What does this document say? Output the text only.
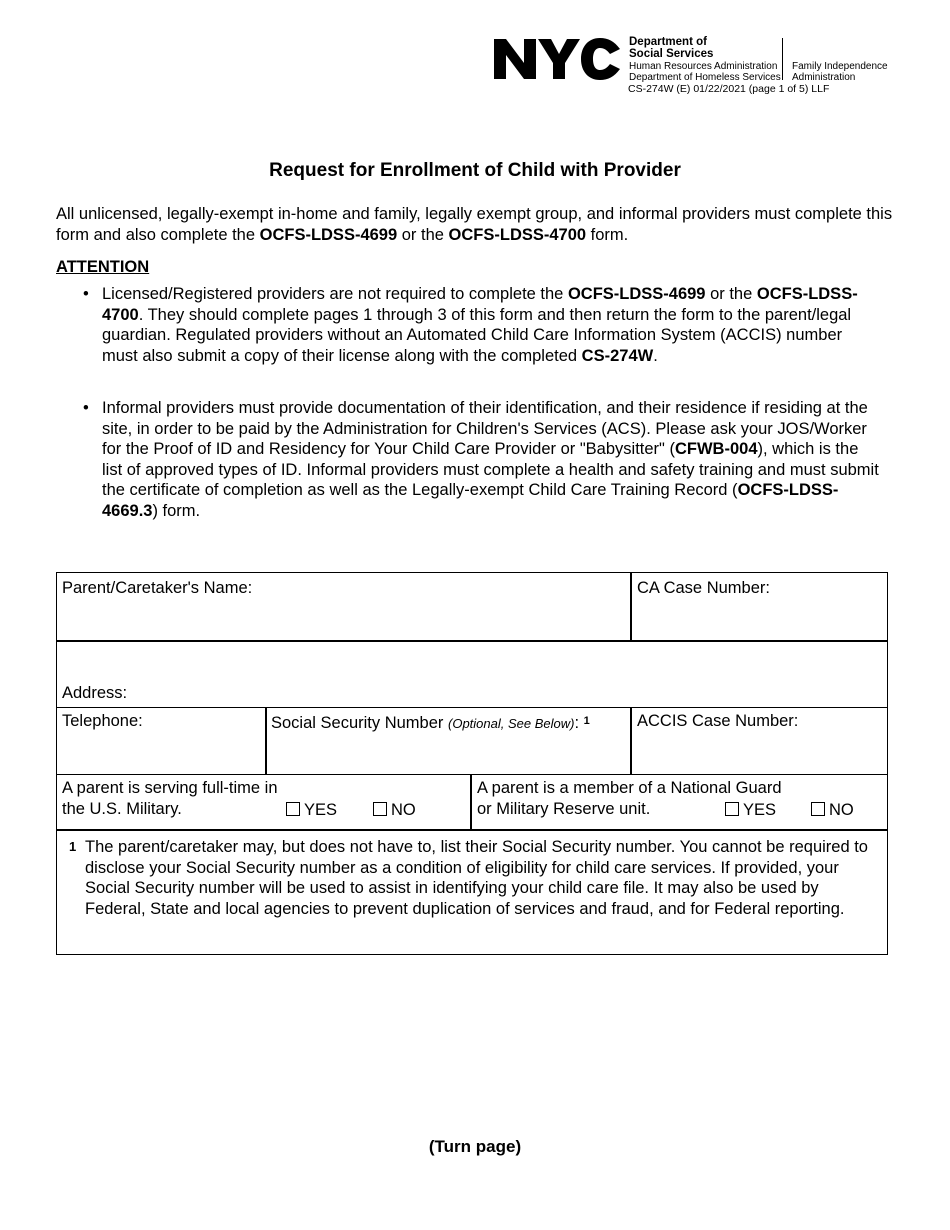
Department of
Social Services
Human Resources Administration
Department of Homeless Services
Family Independence
Administration
CS-274W (E) 01/22/2021 (page 1 of 5) LLF
Request for Enrollment of Child with Provider
All unlicensed, legally-exempt in-home and family, legally exempt group, and informal providers must complete this form and also complete the OCFS-LDSS-4699 or the OCFS-LDSS-4700 form.
ATTENTION
• Licensed/Registered providers are not required to complete the OCFS-LDSS-4699 or the OCFS-LDSS-4700. They should complete pages 1 through 3 of this form and then return the form to the parent/legal guardian. Regulated providers without an Automated Child Care Information System (ACCIS) number must also submit a copy of their license along with the completed CS-274W.
• Informal providers must provide documentation of their identification, and their residence if residing at the site, in order to be paid by the Administration for Children's Services (ACS). Please ask your JOS/Worker for the Proof of ID and Residency for Your Child Care Provider or "Babysitter" (CFWB-004), which is the list of approved types of ID. Informal providers must complete a health and safety training and must submit the certificate of completion as well as the Legally-exempt Child Care Training Record (OCFS-LDSS-4669.3) form.
Parent/Caretaker's Name:	CA Case Number:
Address:
Telephone:	Social Security Number (Optional, See Below): $^1$	ACCIS Case Number:
A parent is serving full-time in
the U.S. Military.	YES	NO
A parent is a member of a National Guard
or Military Reserve unit.	YES	NO
1 The parent/caretaker may, but does not have to, list their Social Security number. You cannot be required to disclose your Social Security number as a condition of eligibility for child care services. If provided, your Social Security number will be used to assist in identifying your child care file. It may also be used by Federal, State and local agencies to prevent duplication of services and fraud, and for Federal reporting.
(Turn page)
